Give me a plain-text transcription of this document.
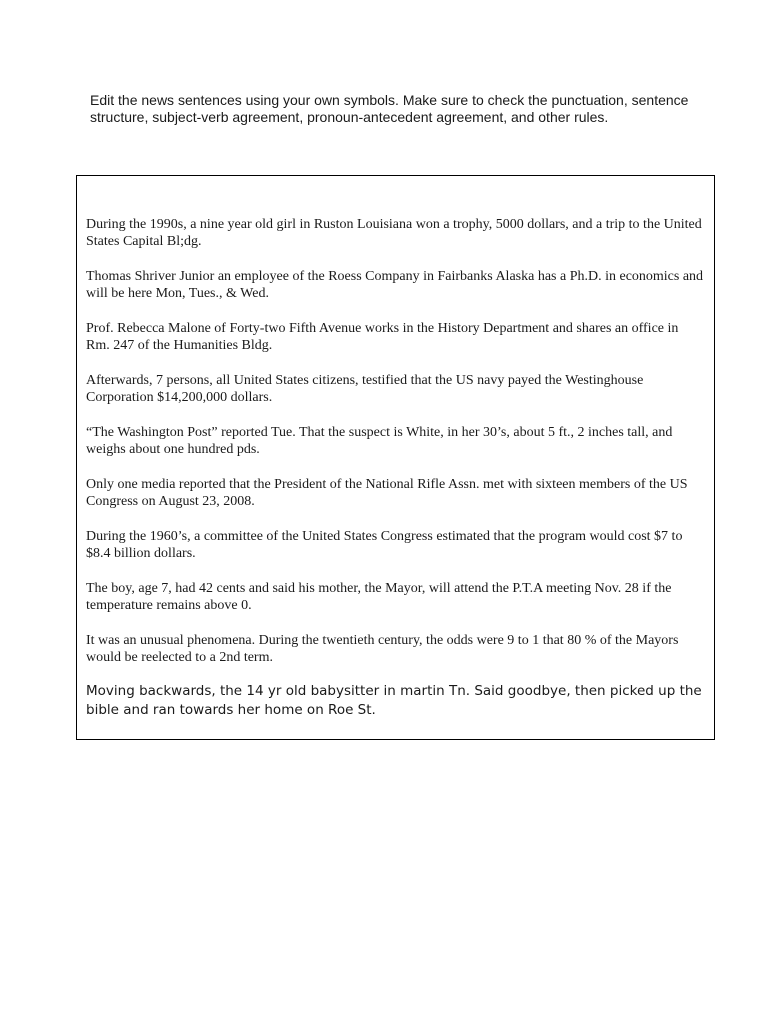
Edit the news sentences using your own symbols. Make sure to check the punctuation, sentence structure, subject-verb agreement, pronoun-antecedent agreement, and other rules.

During the 1990s, a nine year old girl in Ruston Louisiana won a trophy, 5000 dollars, and a trip to the United States Capital Bl;dg.

Thomas Shriver Junior an employee of the Roess Company in Fairbanks Alaska has a Ph.D. in economics and will be here Mon, Tues., & Wed.

Prof. Rebecca Malone of Forty-two Fifth Avenue works in the History Department and shares an office in Rm. 247 of the Humanities Bldg.

Afterwards, 7 persons, all United States citizens, testified that the US navy payed the Westinghouse Corporation $14,200,000 dollars.

“The Washington Post” reported Tue. That the suspect is White, in her 30’s, about 5 ft., 2 inches tall, and weighs about one hundred pds.

Only one media reported that the President of the National Rifle Assn. met with sixteen members of the US Congress on August 23, 2008.

During the 1960’s, a committee of the United States Congress estimated that the program would cost $7 to $8.4 billion dollars.

The boy, age 7, had 42 cents and said his mother, the Mayor, will attend the P.T.A meeting Nov. 28 if the temperature remains above 0.

It was an unusual phenomena. During the twentieth century, the odds were 9 to 1 that 80 % of the Mayors would be reelected to a 2nd term.

Moving backwards, the 14 yr old babysitter in martin Tn. Said goodbye, then picked up the bible and ran towards her home on Roe St.
